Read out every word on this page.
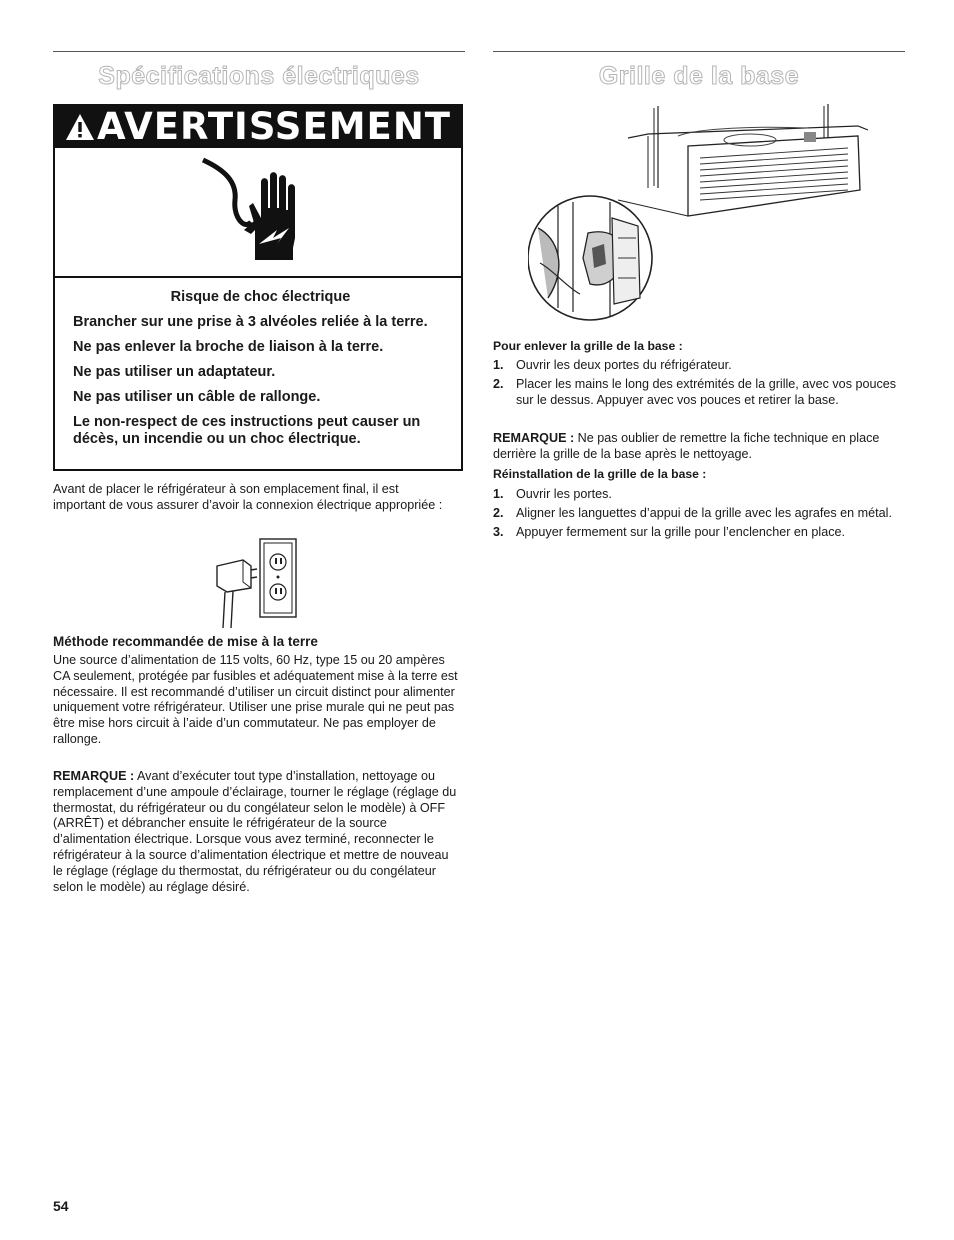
Spécifications électriques	Grille de la base
AVERTISSEMENT

Risque de choc électrique

Brancher sur une prise à 3 alvéoles reliée à la terre.

Ne pas enlever la broche de liaison à la terre.

Ne pas utiliser un adaptateur.

Ne pas utiliser un câble de rallonge.

Le non-respect de ces instructions peut causer un décès, un incendie ou un choc électrique.

Avant de placer le réfrigérateur à son emplacement final, il est important de vous assurer d’avoir la connexion électrique appropriée :

Méthode recommandée de mise à la terre

Une source d’alimentation de 115 volts, 60 Hz, type 15 ou 20 ampères CA seulement, protégée par fusibles et adéquatement mise à la terre est nécessaire. Il est recommandé d’utiliser un circuit distinct pour alimenter uniquement votre réfrigérateur. Utiliser une prise murale qui ne peut pas être mise hors circuit à l’aide d’un commutateur. Ne pas employer de rallonge.

REMARQUE : Avant d’exécuter tout type d’installation, nettoyage ou remplacement d’une ampoule d’éclairage, tourner le réglage (réglage du thermostat, du réfrigérateur ou du congélateur selon le modèle) à OFF (ARRÊT) et débrancher ensuite le réfrigérateur de la source d’alimentation électrique. Lorsque vous avez terminé, reconnecter le réfrigérateur à la source d’alimentation électrique et mettre de nouveau le réglage (réglage du thermostat, du réfrigérateur ou du congélateur selon le modèle) au réglage désiré.

Pour enlever la grille de la base :

1. Ouvrir les deux portes du réfrigérateur.
2. Placer les mains le long des extrémités de la grille, avec vos pouces sur le dessus. Appuyer avec vos pouces et retirer la base.

REMARQUE : Ne pas oublier de remettre la fiche technique en place derrière la grille de la base après le nettoyage.

Réinstallation de la grille de la base :

1. Ouvrir les portes.
2. Aligner les languettes d’appui de la grille avec les agrafes en métal.
3. Appuyer fermement sur la grille pour l’enclencher en place.
54
